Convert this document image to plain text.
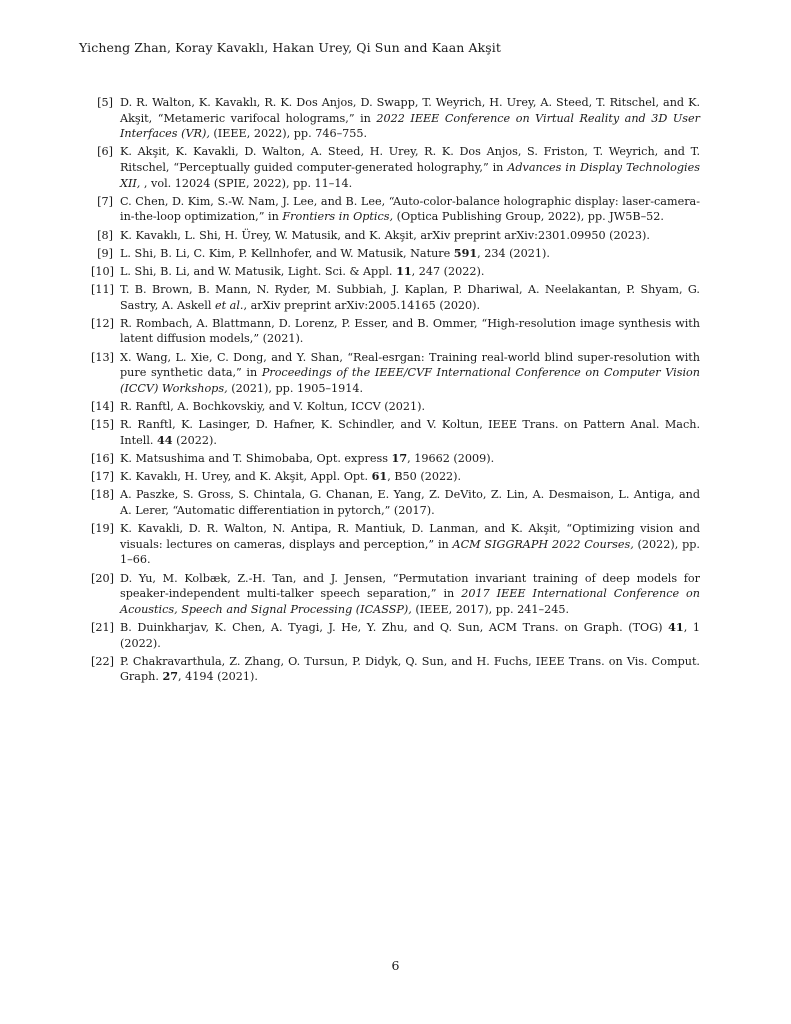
Yicheng Zhan, Koray Kavaklı, Hakan Urey, Qi Sun and Kaan Akşit
[5] D. R. Walton, K. Kavaklı, R. K. Dos Anjos, D. Swapp, T. Weyrich, H. Urey, A. Steed, T. Ritschel, and K. Akşit, “Metameric varifocal holograms,” in 2022 IEEE Conference on Virtual Reality and 3D User Interfaces (VR), (IEEE, 2022), pp. 746–755.
[6] K. Akşit, K. Kavakli, D. Walton, A. Steed, H. Urey, R. K. Dos Anjos, S. Friston, T. Weyrich, and T. Ritschel, “Perceptually guided computer-generated holography,” in Advances in Display Technologies XII, , vol. 12024 (SPIE, 2022), pp. 11–14.
[7] C. Chen, D. Kim, S.-W. Nam, J. Lee, and B. Lee, “Auto-color-balance holographic display: laser-camera-in-the-loop optimization,” in Frontiers in Optics, (Optica Publishing Group, 2022), pp. JW5B–52.
[8] K. Kavaklı, L. Shi, H. Ürey, W. Matusik, and K. Akşit, arXiv preprint arXiv:2301.09950 (2023).
[9] L. Shi, B. Li, C. Kim, P. Kellnhofer, and W. Matusik, Nature 591, 234 (2021).
[10] L. Shi, B. Li, and W. Matusik, Light. Sci. & Appl. 11, 247 (2022).
[11] T. B. Brown, B. Mann, N. Ryder, M. Subbiah, J. Kaplan, P. Dhariwal, A. Neelakantan, P. Shyam, G. Sastry, A. Askell et al., arXiv preprint arXiv:2005.14165 (2020).
[12] R. Rombach, A. Blattmann, D. Lorenz, P. Esser, and B. Ommer, “High-resolution image synthesis with latent diffusion models,” (2021).
[13] X. Wang, L. Xie, C. Dong, and Y. Shan, “Real-esrgan: Training real-world blind super-resolution with pure synthetic data,” in Proceedings of the IEEE/CVF International Conference on Computer Vision (ICCV) Workshops, (2021), pp. 1905–1914.
[14] R. Ranftl, A. Bochkovskiy, and V. Koltun, ICCV (2021).
[15] R. Ranftl, K. Lasinger, D. Hafner, K. Schindler, and V. Koltun, IEEE Trans. on Pattern Anal. Mach. Intell. 44 (2022).
[16] K. Matsushima and T. Shimobaba, Opt. express 17, 19662 (2009).
[17] K. Kavaklı, H. Urey, and K. Akşit, Appl. Opt. 61, B50 (2022).
[18] A. Paszke, S. Gross, S. Chintala, G. Chanan, E. Yang, Z. DeVito, Z. Lin, A. Desmaison, L. Antiga, and A. Lerer, “Automatic differentiation in pytorch,” (2017).
[19] K. Kavakli, D. R. Walton, N. Antipa, R. Mantiuk, D. Lanman, and K. Akşit, “Optimizing vision and visuals: lectures on cameras, displays and perception,” in ACM SIGGRAPH 2022 Courses, (2022), pp. 1–66.
[20] D. Yu, M. Kolbæk, Z.-H. Tan, and J. Jensen, “Permutation invariant training of deep models for speaker-independent multi-talker speech separation,” in 2017 IEEE International Conference on Acoustics, Speech and Signal Processing (ICASSP), (IEEE, 2017), pp. 241–245.
[21] B. Duinkharjav, K. Chen, A. Tyagi, J. He, Y. Zhu, and Q. Sun, ACM Trans. on Graph. (TOG) 41, 1 (2022).
[22] P. Chakravarthula, Z. Zhang, O. Tursun, P. Didyk, Q. Sun, and H. Fuchs, IEEE Trans. on Vis. Comput. Graph. 27, 4194 (2021).
6
